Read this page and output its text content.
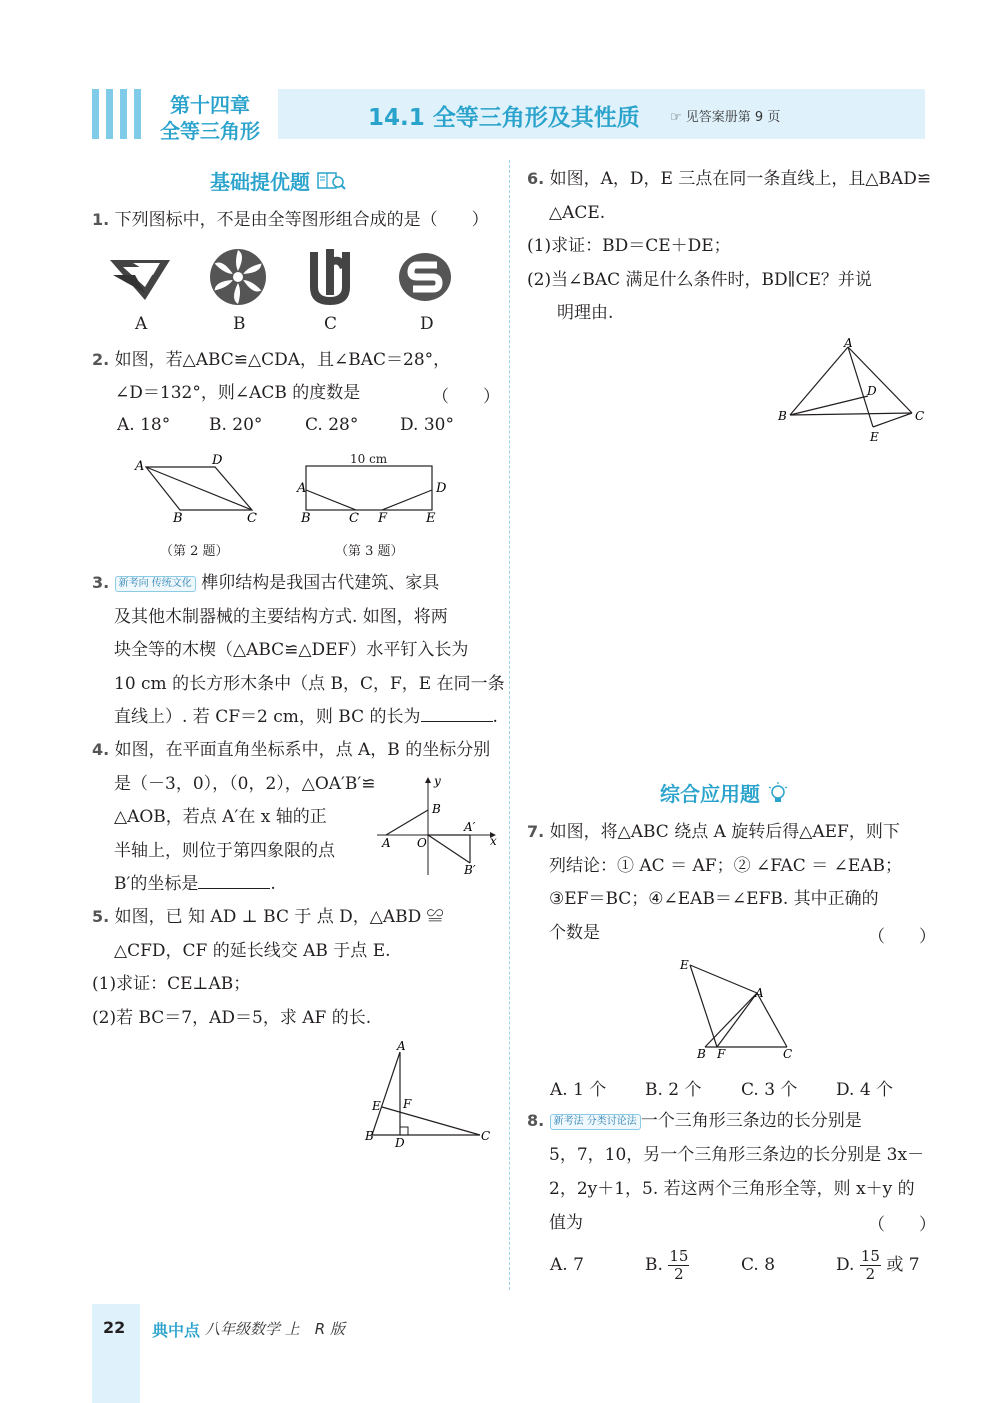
第十四章
全等三角形	14.1 全等三角形及其性质 ☞ 见答案册第 9 页
基础提优题
1. 下列图标中，不是由全等图形组合成的是（　　）
A	B	C	D
2. 如图，若△ABC≌△CDA，且∠BAC＝28°，
∠D＝132°，则∠ACB 的度数是	（　　）
A. 18° B. 20°	C. 28° D. 30°
A	D
B	C
（第 2 题）
A	D
B	C F	E
10 cm
（第 3 题）
3. 新考向 传统文化 榫卯结构是我国古代建筑、家具
及其他木制器械的主要结构方式. 如图，将两
块全等的木楔（△ABC≌△DEF）水平钉入长为
10 cm 的长方形木条中（点 B，C，F，E 在同一条
直线上）. 若 CF＝2 cm，则 BC 的长为	.
4. 如图，在平面直角坐标系中，点 A，B 的坐标分别
是（－3，0），（0，2），△OA′B′≌
△AOB，若点 A′在 x 轴的正
半轴上，则位于第四象限的点
B′的坐标是	.
y
x
B
A O
A′
B′
5. 如图，已 知 AD ⊥ BC 于 点 D，△ABD ≌
△CFD，CF 的延长线交 AB 于点 E.
(1)求证：CE⊥AB；
(2)若 BC＝7，AD＝5，求 AF 的长.
A
E F
B D	C
6. 如图，A，D，E 三点在同一条直线上，且△BAD≌
△ACE.
(1)求证：BD＝CE＋DE；
(2)当∠BAC 满足什么条件时，BD∥CE？并说
明理由.
A
D
B	C
E
综合应用题
7. 如图，将△ABC 绕点 A 旋转后得△AEF，则下
列结论：① AC ＝ AF；② ∠FAC ＝ ∠EAB；
③EF＝BC；④∠EAB＝∠EFB. 其中正确的
个数是	（　　）
E
A
B F	C
A. 1 个 B. 2 个 C. 3 个 D. 4 个
8. 新考法 分类讨论法 一个三角形三条边的长分别是
5，7，10，另一个三角形三条边的长分别是 3x－
2，2y＋1，5. 若这两个三角形全等，则 x＋y 的
值为	（　　）
A. 7	B. $\frac{15}{2}$	C. 8	D. $\frac{15}{2}$ 或 7
22 典中点 八年级数学 上　R 版
